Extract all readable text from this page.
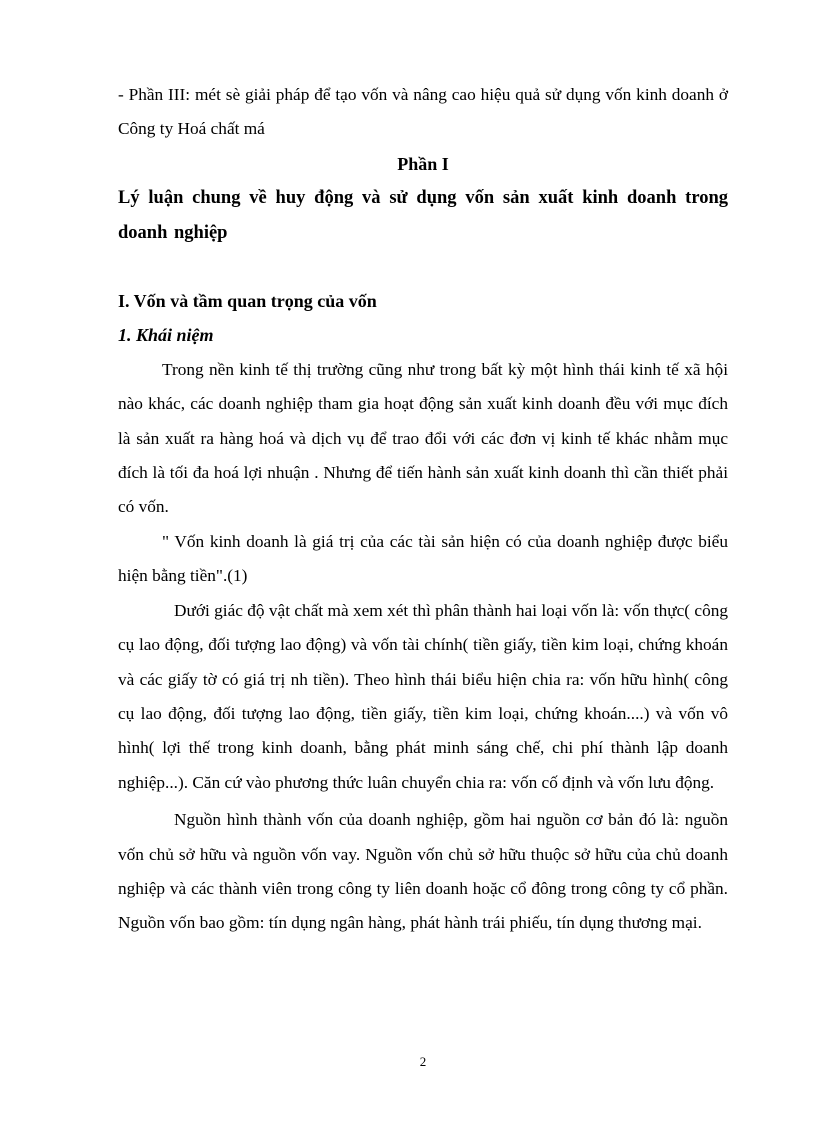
- Phần III: mét sè giải pháp để tạo vốn và nâng cao hiệu quả sử dụng vốn kinh doanh ở Công ty Hoá chất má

Phần I

Lý luận chung về huy động và sử dụng vốn sản xuất kinh doanh trong doanh nghiệp

I. Vốn và tầm quan trọng của vốn

1. Khái niệm

Trong nền kinh tế thị trường cũng như trong bất kỳ một hình thái kinh tế xã hội nào khác, các doanh nghiệp tham gia hoạt động sản xuất kinh doanh đều với mục đích là sản xuất ra hàng hoá và dịch vụ để trao đổi với các đơn vị kinh tế khác nhằm mục đích là tối đa hoá lợi nhuận . Nhưng để tiến hành sản xuất kinh doanh thì cần thiết phải có vốn.

" Vốn kinh doanh là giá trị của các tài sản hiện có của doanh nghiệp được biểu hiện bằng tiền".(1)

Dưới giác độ vật chất mà xem xét thì phân thành hai loại vốn là: vốn thực( công cụ lao động, đối tượng lao động) và vốn tài chính( tiền giấy, tiền kim loại, chứng khoán và các giấy tờ có giá trị nh tiền). Theo hình thái biểu hiện chia ra: vốn hữu hình( công cụ lao động, đối tượng lao động, tiền giấy, tiền kim loại, chứng khoán....) và vốn vô hình( lợi thế trong kinh doanh, bằng phát minh sáng chế, chi phí thành lập doanh nghiệp...). Căn cứ vào phương thức luân chuyển chia ra: vốn cố định và vốn lưu động.

Nguồn hình thành vốn của doanh nghiệp, gồm hai nguồn cơ bản đó là: nguồn vốn chủ sở hữu và nguồn vốn vay. Nguồn vốn chủ sở hữu thuộc sở hữu của chủ doanh nghiệp và các thành viên trong công ty liên doanh hoặc cổ đông trong công ty cổ phần. Nguồn vốn bao gồm: tín dụng ngân hàng, phát hành trái phiếu, tín dụng thương mại.

2
